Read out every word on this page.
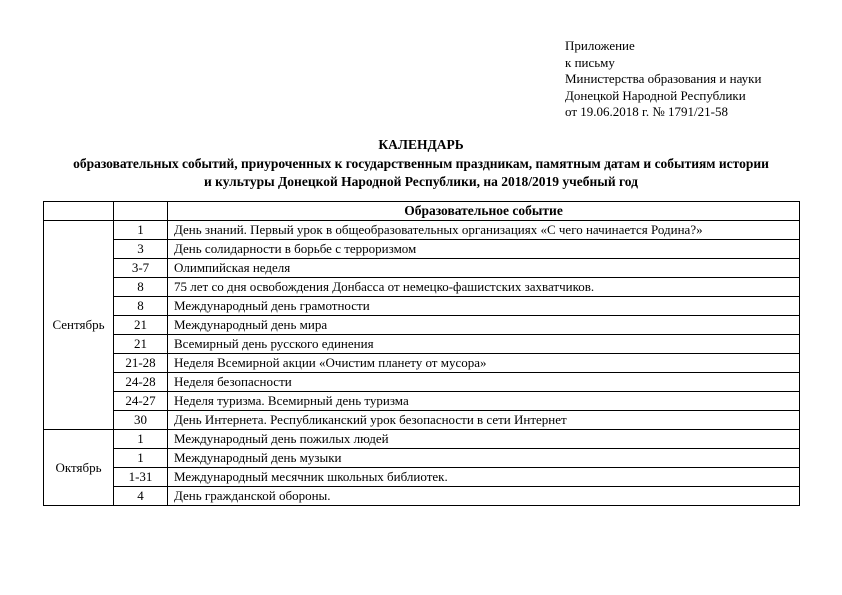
Приложение
к письму
Министерства образования и науки
Донецкой Народной Республики
от 19.06.2018 г. № 1791/21-58
КАЛЕНДАРЬ
образовательных событий, приуроченных к государственным праздникам, памятным датам и событиям истории
и культуры Донецкой Народной Республики, на 2018/2019 учебный год
		Образовательное событие
Сентябрь	1	День знаний. Первый урок в общеобразовательных организациях «С чего начинается Родина?»
	3	День солидарности в борьбе с терроризмом
	3-7	Олимпийская неделя
	8	75 лет со дня освобождения Донбасса от немецко-фашистских захватчиков.
	8	Международный день грамотности
	21	Международный день мира
	21	Всемирный день русского единения
	21-28	Неделя Всемирной акции «Очистим планету от мусора»
	24-28	Неделя безопасности
	24-27	Неделя туризма. Всемирный день туризма
	30	День Интернета. Республиканский урок безопасности в сети Интернет
Октябрь	1	Международный день пожилых людей
	1	Международный день музыки
	1-31	Международный месячник школьных библиотек.
	4	День гражданской обороны.
